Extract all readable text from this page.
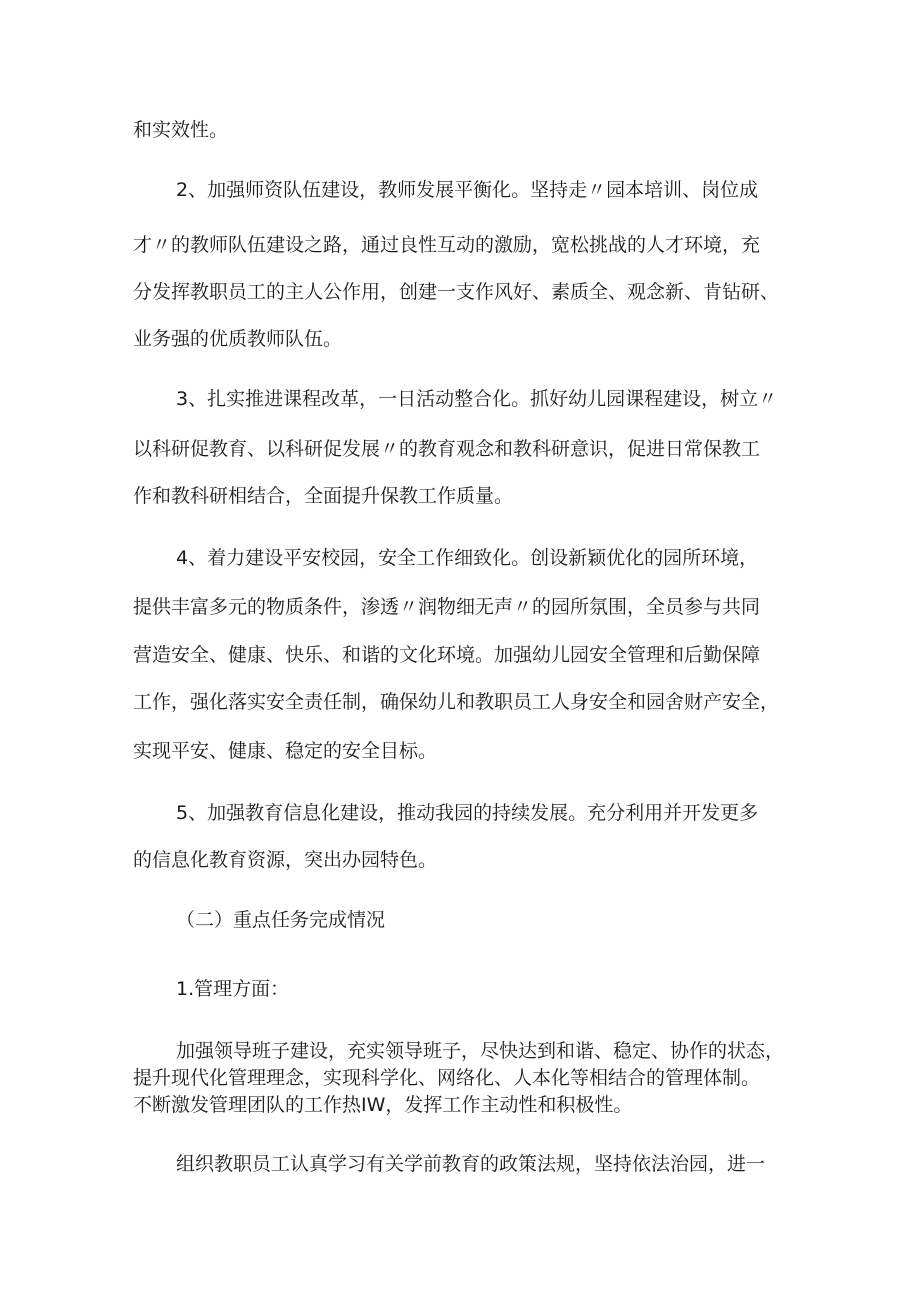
和实效性。

2、加强师资队伍建设，教师发展平衡化。坚持走〃园本培训、岗位成

才〃的教师队伍建设之路，通过良性互动的激励，宽松挑战的人才环境，充

分发挥教职员工的主人公作用，创建一支作风好、素质全、观念新、肯钻研、

业务强的优质教师队伍。

3、扎实推进课程改革，一日活动整合化。抓好幼儿园课程建设，树立〃

以科研促教育、以科研促发展〃的教育观念和教科研意识，促进日常保教工

作和教科研相结合，全面提升保教工作质量。

4、着力建设平安校园，安全工作细致化。创设新颖优化的园所环境，

提供丰富多元的物质条件，渗透〃润物细无声〃的园所氛围，全员参与共同

营造安全、健康、快乐、和谐的文化环境。加强幼儿园安全管理和后勤保障

工作，强化落实安全责任制，确保幼儿和教职员工人身安全和园舍财产安全，

实现平安、健康、稳定的安全目标。

5、加强教育信息化建设，推动我园的持续发展。充分利用并开发更多

的信息化教育资源，突出办园特色。

（二）重点任务完成情况

1.管理方面：

加强领导班子建设，充实领导班子，尽快达到和谐、稳定、协作的状态，

提升现代化管理理念，实现科学化、网络化、人本化等相结合的管理体制。

不断激发管理团队的工作热IW，发挥工作主动性和积极性。

组织教职员工认真学习有关学前教育的政策法规，坚持依法治园，进一
